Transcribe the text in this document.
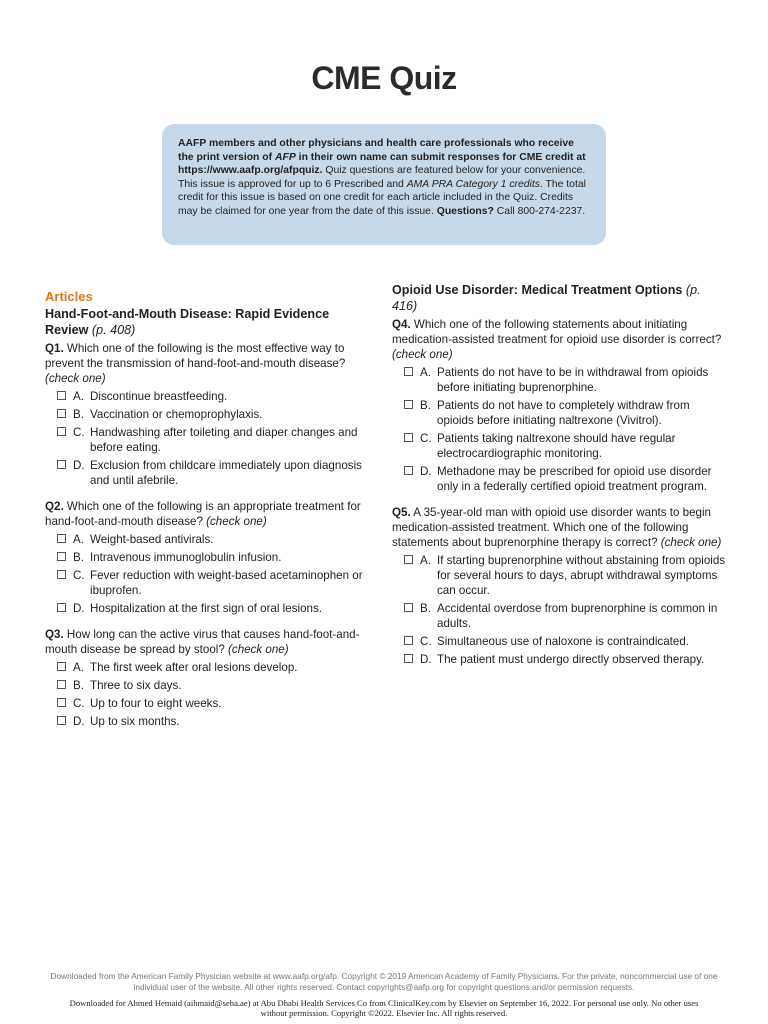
CME Quiz
AAFP members and other physicians and health care professionals who receive the print version of AFP in their own name can submit responses for CME credit at https://www.aafp.org/afpquiz. Quiz questions are featured below for your convenience. This issue is approved for up to 6 Prescribed and AMA PRA Category 1 credits. The total credit for this issue is based on one credit for each article included in the Quiz. Credits may be claimed for one year from the date of this issue. Questions? Call 800-274-2237.
Articles
Hand-Foot-and-Mouth Disease: Rapid Evidence Review (p. 408)
Q1. Which one of the following is the most effective way to prevent the transmission of hand-foot-and-mouth disease? (check one)
A. Discontinue breastfeeding.
B. Vaccination or chemoprophylaxis.
C. Handwashing after toileting and diaper changes and before eating.
D. Exclusion from childcare immediately upon diagnosis and until afebrile.
Q2. Which one of the following is an appropriate treatment for hand-foot-and-mouth disease? (check one)
A. Weight-based antivirals.
B. Intravenous immunoglobulin infusion.
C. Fever reduction with weight-based acetaminophen or ibuprofen.
D. Hospitalization at the first sign of oral lesions.
Q3. How long can the active virus that causes hand-foot-and-mouth disease be spread by stool? (check one)
A. The first week after oral lesions develop.
B. Three to six days.
C. Up to four to eight weeks.
D. Up to six months.
Opioid Use Disorder: Medical Treatment Options (p. 416)
Q4. Which one of the following statements about initiating medication-assisted treatment for opioid use disorder is correct? (check one)
A. Patients do not have to be in withdrawal from opioids before initiating buprenorphine.
B. Patients do not have to completely withdraw from opioids before initiating naltrexone (Vivitrol).
C. Patients taking naltrexone should have regular electrocardiographic monitoring.
D. Methadone may be prescribed for opioid use disorder only in a federally certified opioid treatment program.
Q5. A 35-year-old man with opioid use disorder wants to begin medication-assisted treatment. Which one of the following statements about buprenorphine therapy is correct? (check one)
A. If starting buprenorphine without abstaining from opioids for several hours to days, abrupt withdrawal symptoms can occur.
B. Accidental overdose from buprenorphine is common in adults.
C. Simultaneous use of naloxone is contraindicated.
D. The patient must undergo directly observed therapy.
Downloaded from the American Family Physician website at www.aafp.org/afp. Copyright © 2019 American Academy of Family Physicians. For the private, noncommercial use of one individual user of the website. All other rights reserved. Contact copyrights@aafp.org for copyright questions and/or permission requests.
Downloaded for Ahmed Hemaid (aihmaid@seha.ae) at Abu Dhabi Health Services Co from ClinicalKey.com by Elsevier on September 16, 2022. For personal use only. No other uses without permission. Copyright ©2022. Elsevier Inc. All rights reserved.
